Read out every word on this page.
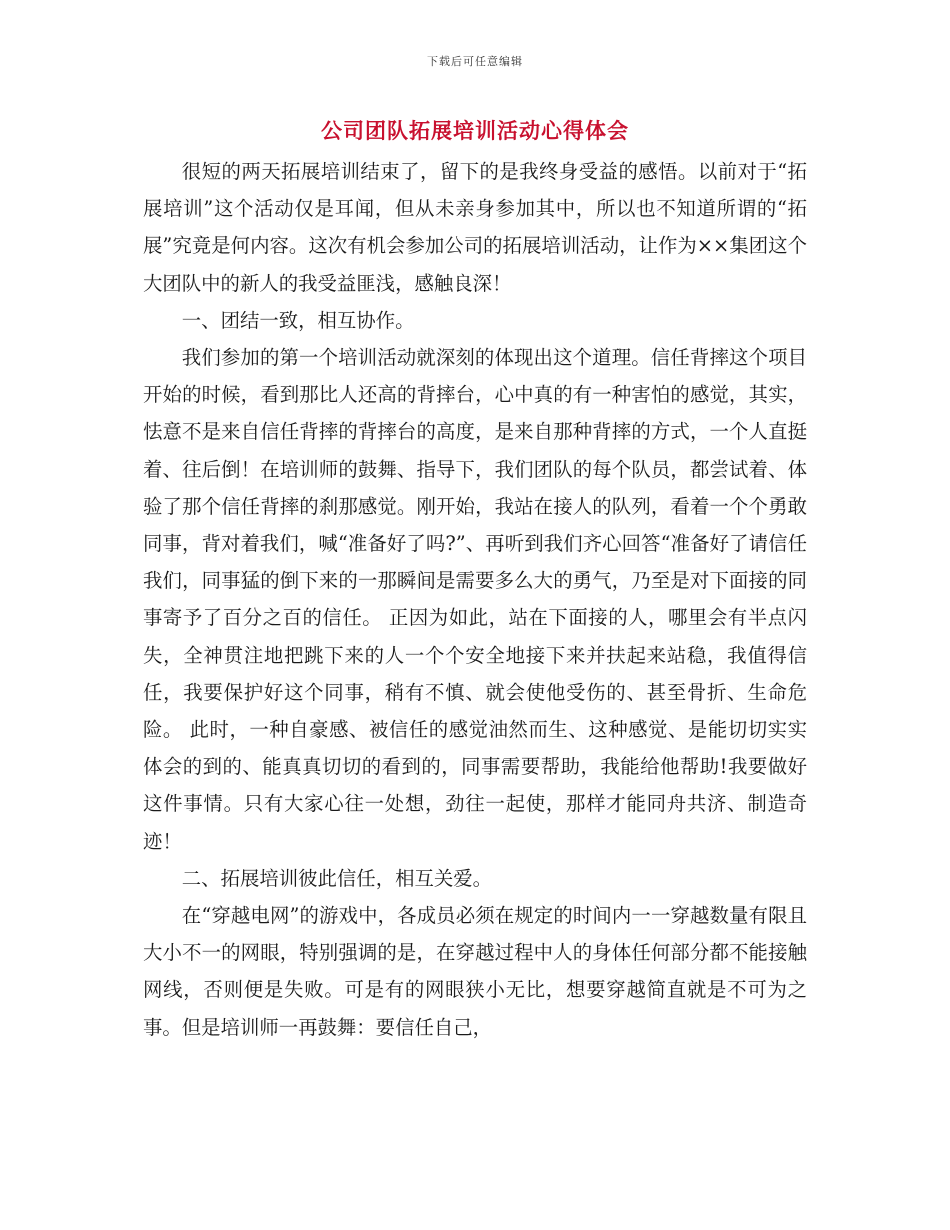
下载后可任意编辑
公司团队拓展培训活动心得体会

很短的两天拓展培训结束了，留下的是我终身受益的感悟。以前对于“拓展培训”这个活动仅是耳闻，但从未亲身参加其中，所以也不知道所谓的“拓展”究竟是何内容。这次有机会参加公司的拓展培训活动，让作为××集团这个大团队中的新人的我受益匪浅，感触良深！

一、团结一致，相互协作。

我们参加的第一个培训活动就深刻的体现出这个道理。信任背摔这个项目开始的时候，看到那比人还高的背摔台，心中真的有一种害怕的感觉，其实，怯意不是来自信任背摔的背摔台的高度，是来自那种背摔的方式，一个人直挺着、往后倒！在培训师的鼓舞、指导下，我们团队的每个队员，都尝试着、体验了那个信任背摔的刹那感觉。刚开始，我站在接人的队列，看着一个个勇敢同事，背对着我们，喊“准备好了吗?”、再听到我们齐心回答“准备好了请信任我们，同事猛的倒下来的一那瞬间是需要多么大的勇气，乃至是对下面接的同事寄予了百分之百的信任。 正因为如此，站在下面接的人，哪里会有半点闪失，全神贯注地把跳下来的人一个个安全地接下来并扶起来站稳，我值得信任，我要保护好这个同事，稍有不慎、就会使他受伤的、甚至骨折、生命危险。 此时，一种自豪感、被信任的感觉油然而生、这种感觉、是能切切实实体会的到的、能真真切切的看到的，同事需要帮助，我能给他帮助!我要做好这件事情。只有大家心往一处想，劲往一起使，那样才能同舟共济、制造奇迹！

二、拓展培训彼此信任，相互关爱。

在“穿越电网”的游戏中，各成员必须在规定的时间内一一穿越数量有限且大小不一的网眼，特别强调的是，在穿越过程中人的身体任何部分都不能接触网线，否则便是失败。可是有的网眼狭小无比，想要穿越简直就是不可为之事。但是培训师一再鼓舞：要信任自己，
